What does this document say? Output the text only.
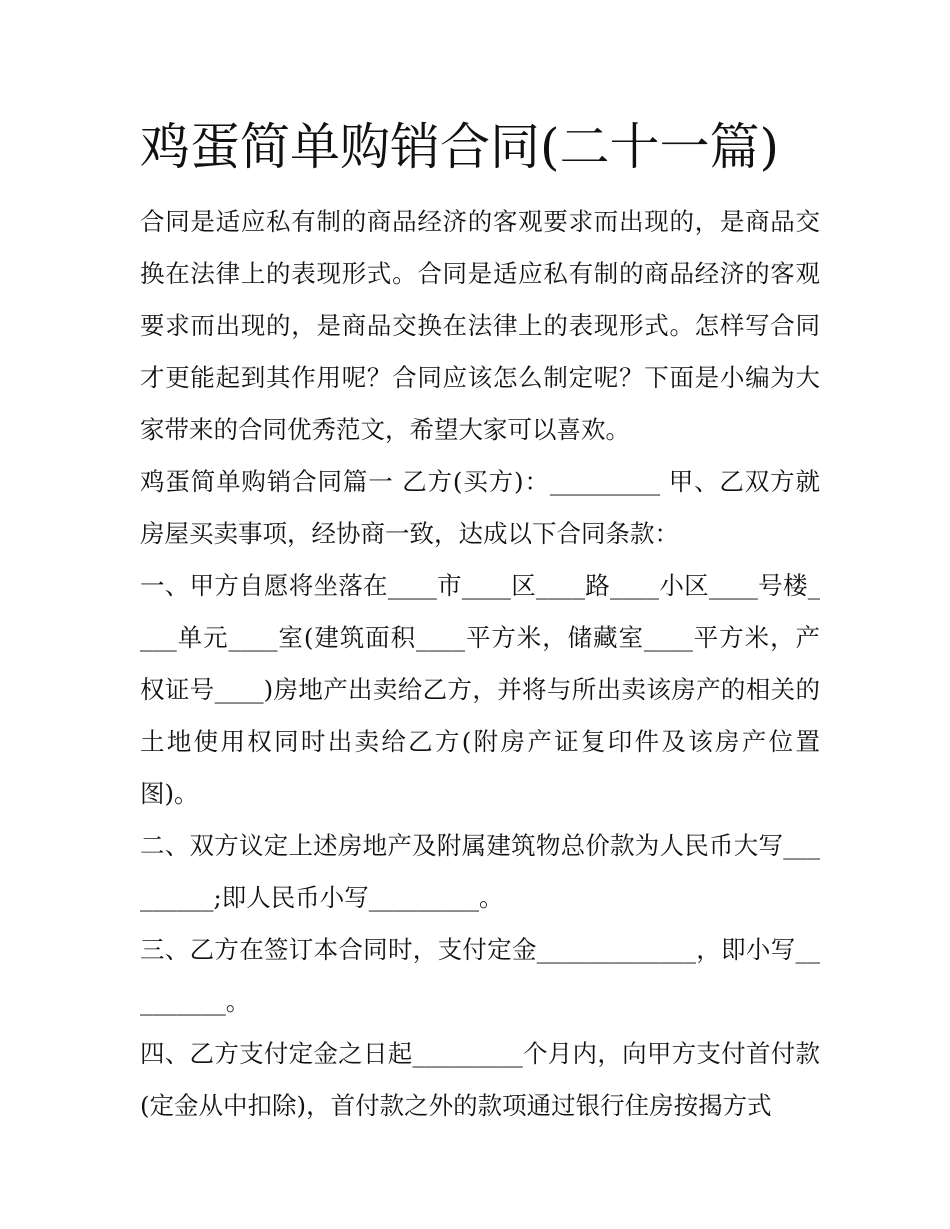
鸡蛋简单购销合同(二十一篇)

合同是适应私有制的商品经济的客观要求而出现的，是商品交换在法律上的表现形式。合同是适应私有制的商品经济的客观要求而出现的，是商品交换在法律上的表现形式。怎样写合同才更能起到其作用呢？合同应该怎么制定呢？下面是小编为大家带来的合同优秀范文，希望大家可以喜欢。

鸡蛋简单购销合同篇一 乙方(买方)：_________ 甲、乙双方就房屋买卖事项，经协商一致，达成以下合同条款：

一、甲方自愿将坐落在____市____区____路____小区____号楼____单元____室(建筑面积____平方米，储藏室____平方米，产权证号____)房地产出卖给乙方，并将与所出卖该房产的相关的土地使用权同时出卖给乙方(附房产证复印件及该房产位置图)。

二、双方议定上述房地产及附属建筑物总价款为人民币大写_________;即人民币小写_________。

三、乙方在签订本合同时，支付定金_____________，即小写_________。

四、乙方支付定金之日起_________个月内，向甲方支付首付款(定金从中扣除)，首付款之外的款项通过银行住房按揭方式
